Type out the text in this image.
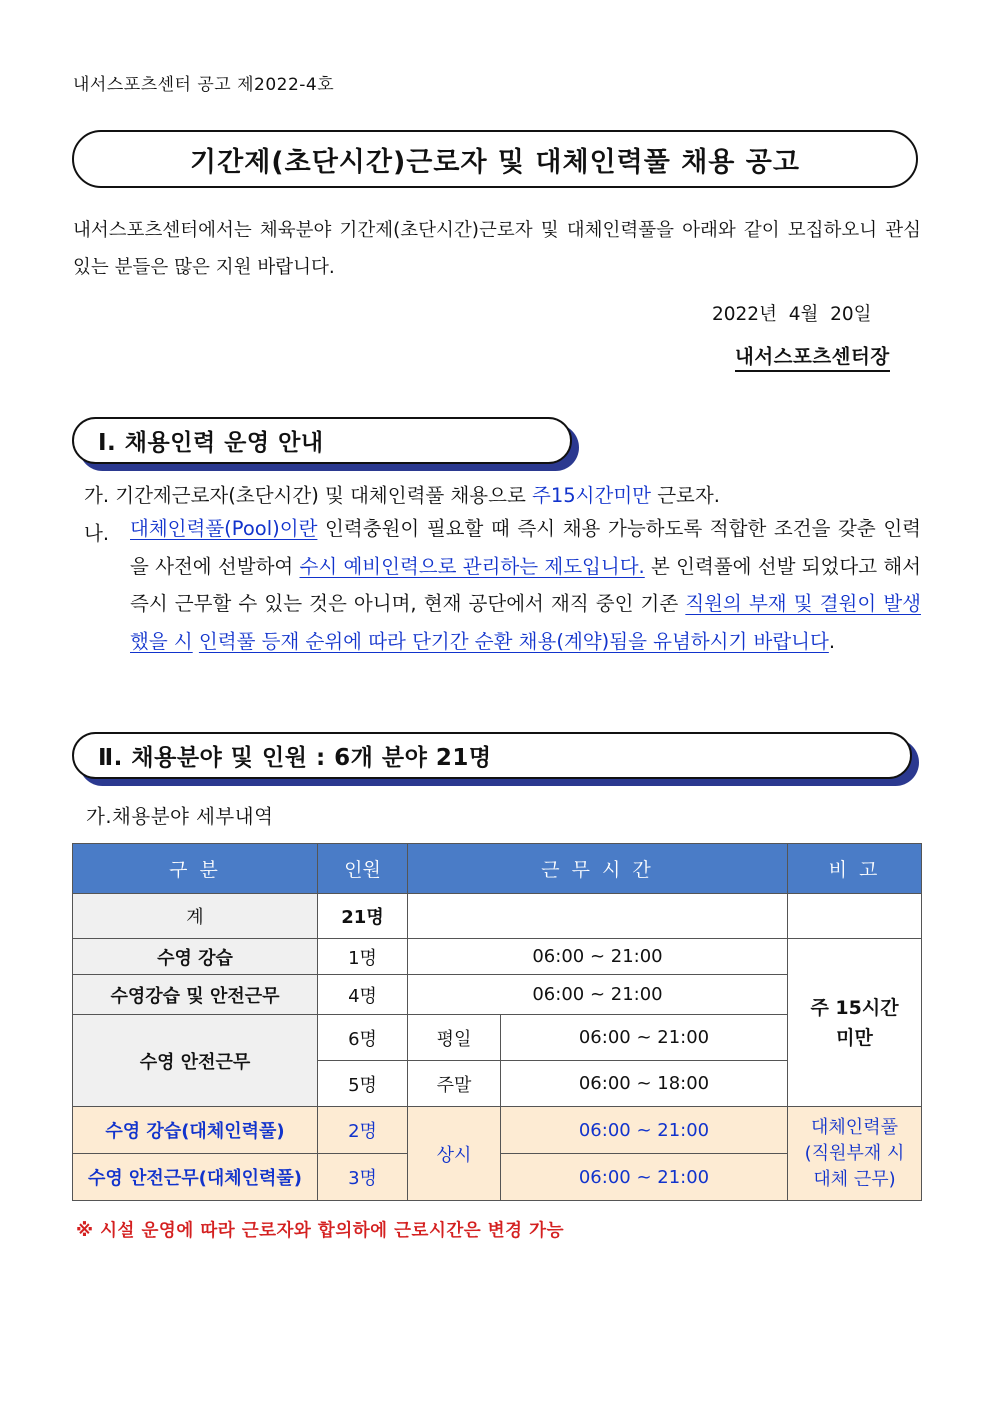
내서스포츠센터 공고 제2022-4호
기간제(초단시간)근로자 및 대체인력풀 채용 공고
내서스포츠센터에서는 체육분야 기간제(초단시간)근로자 및 대체인력풀을 아래와 같이 모집하오니 관심 있는 분들은 많은 지원 바랍니다.
2022년  4월  20일
내서스포츠센터장
Ⅰ. 채용인력 운영 안내
가. 기간제근로자(초단시간) 및 대체인력풀 채용으로 주15시간미만 근로자.
나. 대체인력풀(Pool)이란 인력충원이 필요할 때 즉시 채용 가능하도록 적합한 조건을 갖춘 인력을 사전에 선발하여 수시 예비인력으로 관리하는 제도입니다. 본 인력풀에 선발 되었다고 해서 즉시 근무할 수 있는 것은 아니며, 현재 공단에서 재직 중인 기존 직원의 부재 및 결원이 발생했을 시 인력풀 등재 순위에 따라 단기간 순환 채용(계약)됨을 유념하시기 바랍니다.
Ⅱ. 채용분야 및 인원 : 6개 분야 21명
가.채용분야 세부내역
구 분	인원	근 무 시 간		비 고
계	21명			
수영 강습	1명	06:00 ~ 21:00		주 15시간
미만

수영강습 및 안전근무	4명	06:00 ~ 21:00		
수영 안전근무	6명	평일	06:00 ~ 21:00	
	5명	주말	06:00 ~ 18:00	
수영 강습(대체인력풀)	2명	상시	06:00 ~ 21:00	대체인력풀
(직원부재 시
대체 근무)

수영 안전근무(대체인력풀)	3명		06:00 ~ 21:00	
※ 시설 운영에 따라 근로자와 합의하에 근로시간은 변경 가능
